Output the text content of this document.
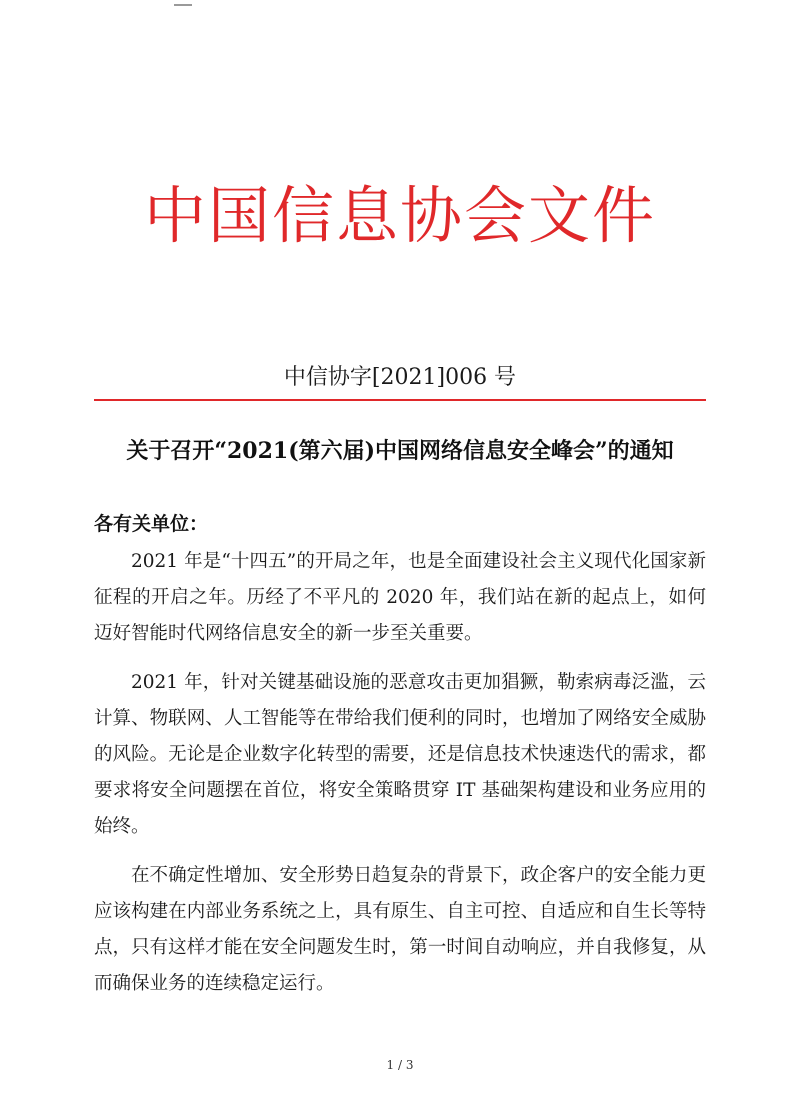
中国信息协会文件
中信协字[2021]006 号
关于召开“2021(第六届)中国网络信息安全峰会”的通知
各有关单位：

2021 年是“十四五”的开局之年，也是全面建设社会主义现代化国家新征程的开启之年。历经了不平凡的 2020 年，我们站在新的起点上，如何迈好智能时代网络信息安全的新一步至关重要。

2021 年，针对关键基础设施的恶意攻击更加猖獗，勒索病毒泛滥，云计算、物联网、人工智能等在带给我们便利的同时，也增加了网络安全威胁的风险。无论是企业数字化转型的需要，还是信息技术快速迭代的需求，都要求将安全问题摆在首位，将安全策略贯穿 IT 基础架构建设和业务应用的始终。

在不确定性增加、安全形势日趋复杂的背景下，政企客户的安全能力更应该构建在内部业务系统之上，具有原生、自主可控、自适应和自生长等特点，只有这样才能在安全问题发生时，第一时间自动响应，并自我修复，从而确保业务的连续稳定运行。

1 / 3
